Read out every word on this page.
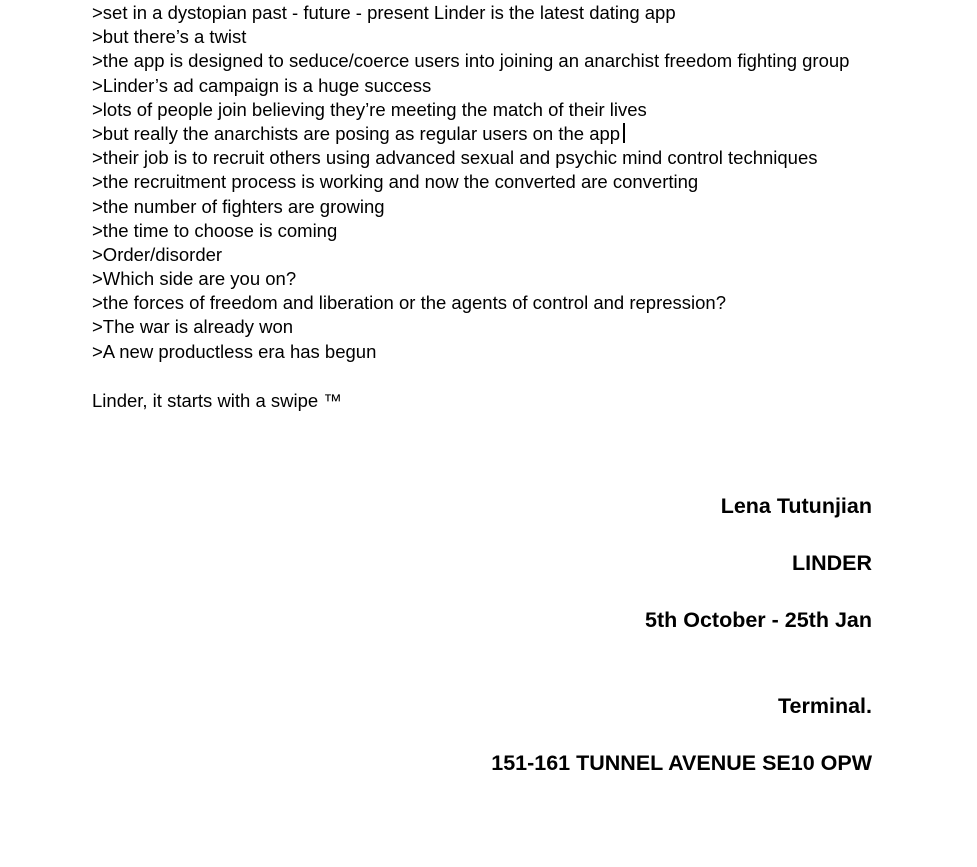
>set in a dystopian past - future - present Linder is the latest dating app
>but there’s a twist
>the app is designed to seduce/coerce users into joining an anarchist freedom fighting group
>Linder’s ad campaign is a huge success
>lots of people join believing they’re meeting the match of their lives
>but really the anarchists are posing as regular users on the app
>their job is to recruit others using advanced sexual and psychic mind control techniques
>the recruitment process is working and now the converted are converting
>the number of fighters are growing
>the time to choose is coming
>Order/disorder
>Which side are you on?
>the forces of freedom and liberation or the agents of control and repression?
>The war is already won
>A new productless era has begun
Linder, it starts with a swipe ™
Lena Tutunjian
LINDER
5th October - 25th Jan
Terminal.
151-161 TUNNEL AVENUE SE10 OPW
